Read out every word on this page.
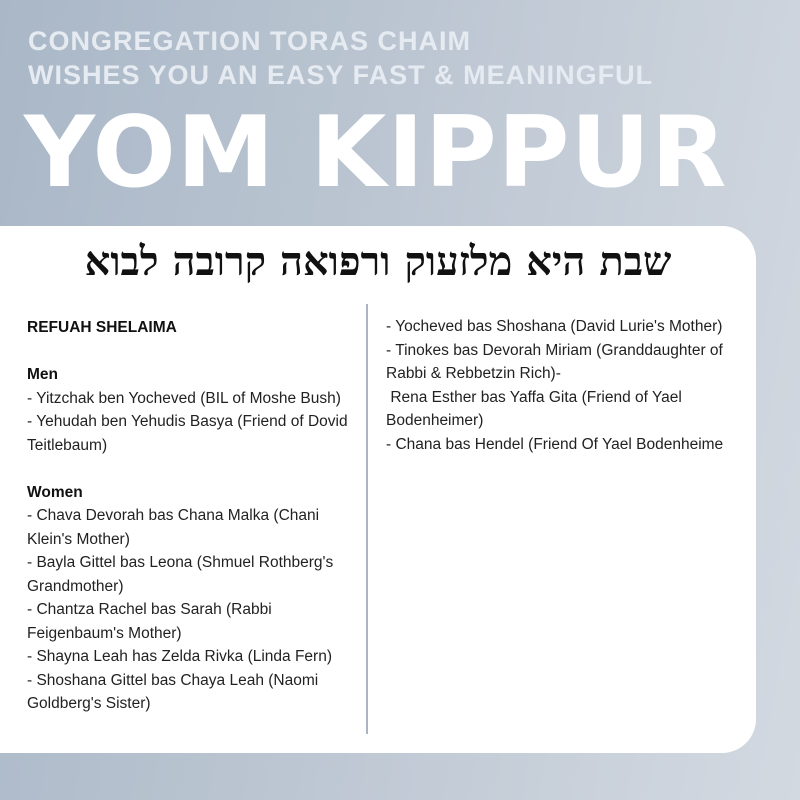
CONGREGATION TORAS CHAIM
WISHES YOU AN EASY FAST & MEANINGFUL
YOM KIPPUR
שבת היא מלזעוק ורפואה קרובה לבוא
REFUAH SHELAIMA
Men

- Yitzchak ben Yocheved (BIL of Moshe Bush)

- Yehudah ben Yehudis Basya (Friend of Dovid Teitlebaum)

Women

- Chava Devorah bas Chana Malka (Chani Klein's Mother)

- Bayla Gittel bas Leona (Shmuel Rothberg's Grandmother)

- Chantza Rachel bas Sarah (Rabbi Feigenbaum's Mother)

- Shayna Leah has Zelda Rivka (Linda Fern)

- Shoshana Gittel bas Chaya Leah (Naomi Goldberg's Sister)

- Yocheved bas Shoshana (David Lurie's Mother)

- Tinokes bas Devorah Miriam (Granddaughter of Rabbi & Rebbetzin Rich)-

Rena Esther bas Yaffa Gita (Friend of Yael Bodenheimer)

- Chana bas Hendel (Friend Of Yael Bodenheime
